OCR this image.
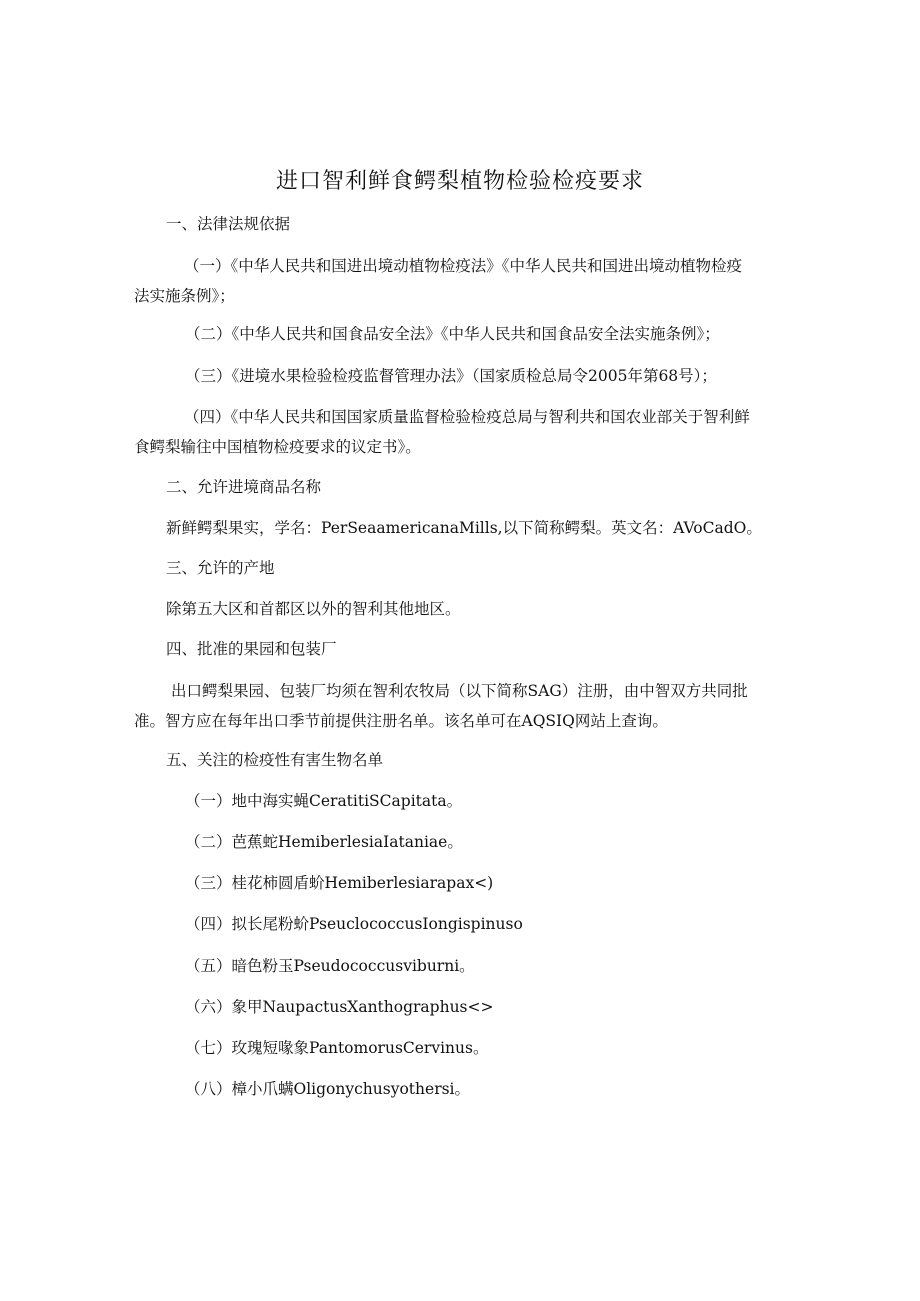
进口智利鲜食鳄梨植物检验检疫要求
一、法律法规依据
（一）《中华人民共和国进出境动植物检疫法》《中华人民共和国进出境动植物检疫法实施条例》；
（二）《中华人民共和国食品安全法》《中华人民共和国食品安全法实施条例》；
（三）《进境水果检验检疫监督管理办法》（国家质检总局令2005年第68号）；
（四）《中华人民共和国国家质量监督检验检疫总局与智利共和国农业部关于智利鲜食鳄梨输往中国植物检疫要求的议定书》。
二、允许进境商品名称
新鲜鳄梨果实，学名：PerSeaamericanaMills,以下简称鳄梨。英文名：AVoCadO。
三、允许的产地
除第五大区和首都区以外的智利其他地区。
四、批准的果园和包装厂
出口鳄梨果园、包装厂均须在智利农牧局（以下简称SAG）注册，由中智双方共同批准。智方应在每年出口季节前提供注册名单。该名单可在AQSIQ网站上查询。
五、关注的检疫性有害生物名单
（一）地中海实蝇CeratitiSCapitata。
（二）芭蕉蛇HemiberlesiaIataniae。
（三）桂花柿圆盾蚧Hemiberlesiarapax<)
（四）拟长尾粉蚧PseuclococcusIongispinuso
（五）暗色粉玉Pseudococcusviburni。
（六）象甲NaupactusXanthographus<>
（七）玫瑰短喙象PantomorusCervinus。
（八）樟小爪螨Oligonychusyothersi。
